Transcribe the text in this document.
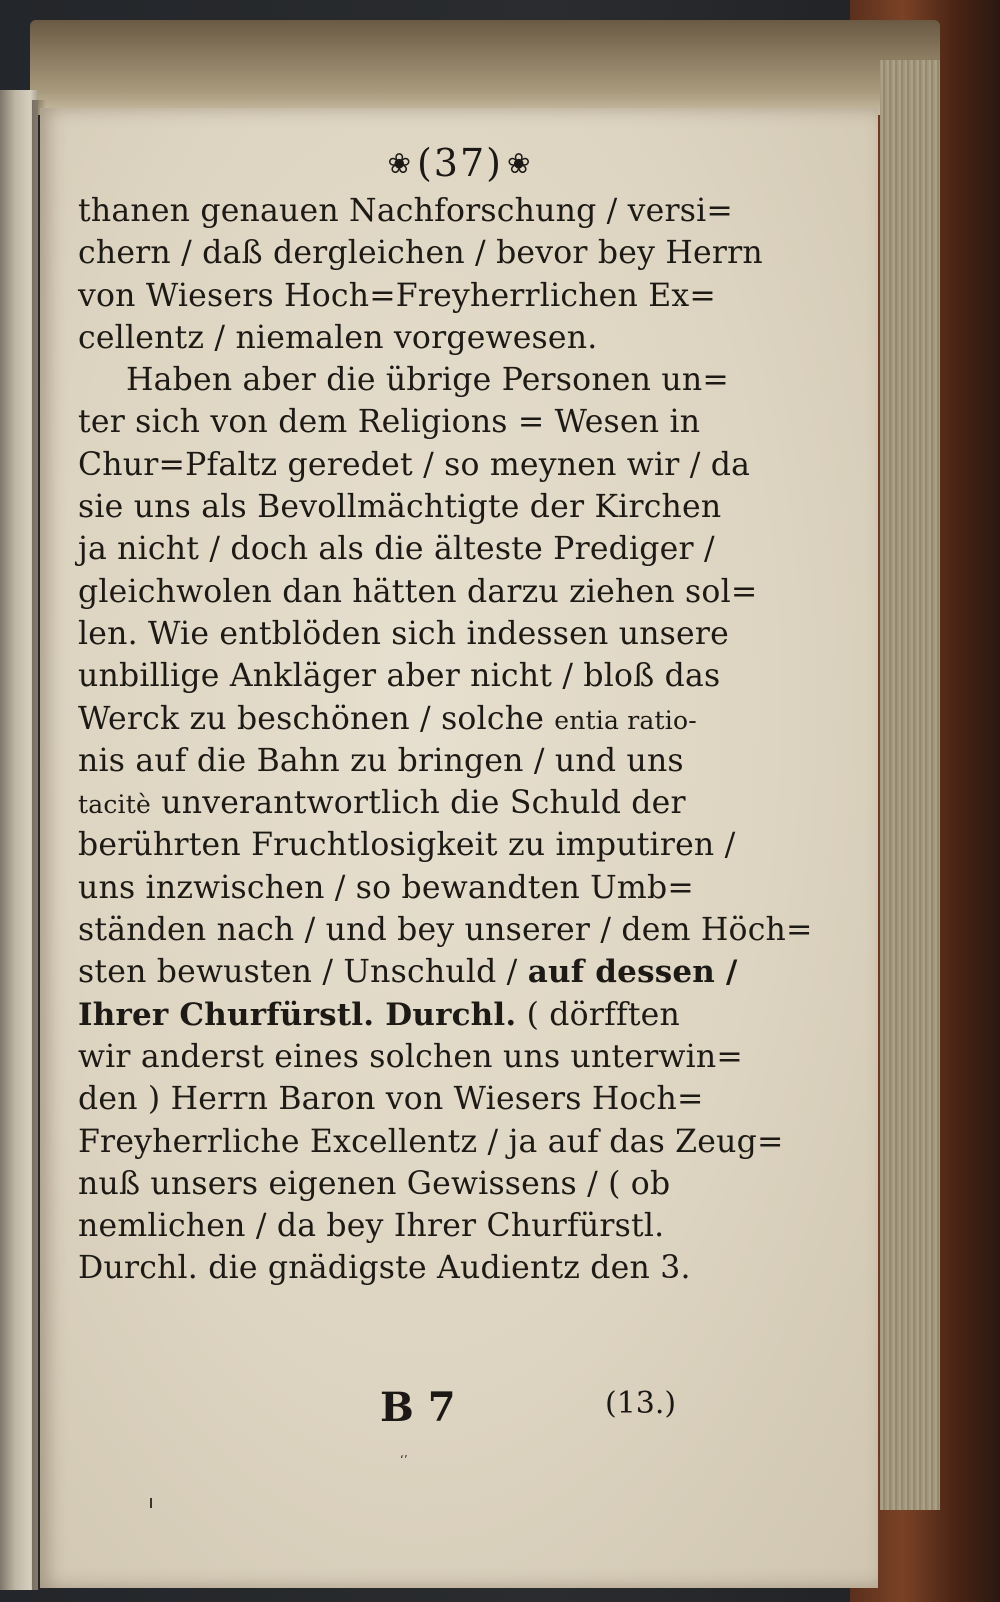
❀ (37) ❀
thanen genauen Nachforschung / versi=
chern / daß dergleichen / bevor bey Herrn
von Wiesers Hoch=Freyherrlichen Ex=
cellentz / niemalen vorgewesen.
Haben aber die übrige Personen un=
ter sich von dem Religions = Wesen in
Chur=Pfaltz geredet / so meynen wir / da
sie uns als Bevollmächtigte der Kirchen
ja nicht / doch als die älteste Prediger /
gleichwolen dan hätten darzu ziehen sol=
len. Wie entblöden sich indessen unsere
unbillige Ankläger aber nicht / bloß das
Werck zu beschönen / solche entia ratio-
nis auf die Bahn zu bringen / und uns
tacitè unverantwortlich die Schuld der
berührten Fruchtlosigkeit zu imputiren /
uns inzwischen / so bewandten Umb=
ständen nach / und bey unserer / dem Höch=
sten bewusten / Unschuld / auf dessen /
Ihrer Churfürstl. Durchl. ( dörfften
wir anderst eines solchen uns unterwin=
den ) Herrn Baron von Wiesers Hoch=
Freyherrliche Excellentz / ja auf das Zeug=
nuß unsers eigenen Gewissens / ( ob
nemlichen / da bey Ihrer Churfürstl.
Durchl. die gnädigste Audientz den 3.
B 7	(13.)
‘’
